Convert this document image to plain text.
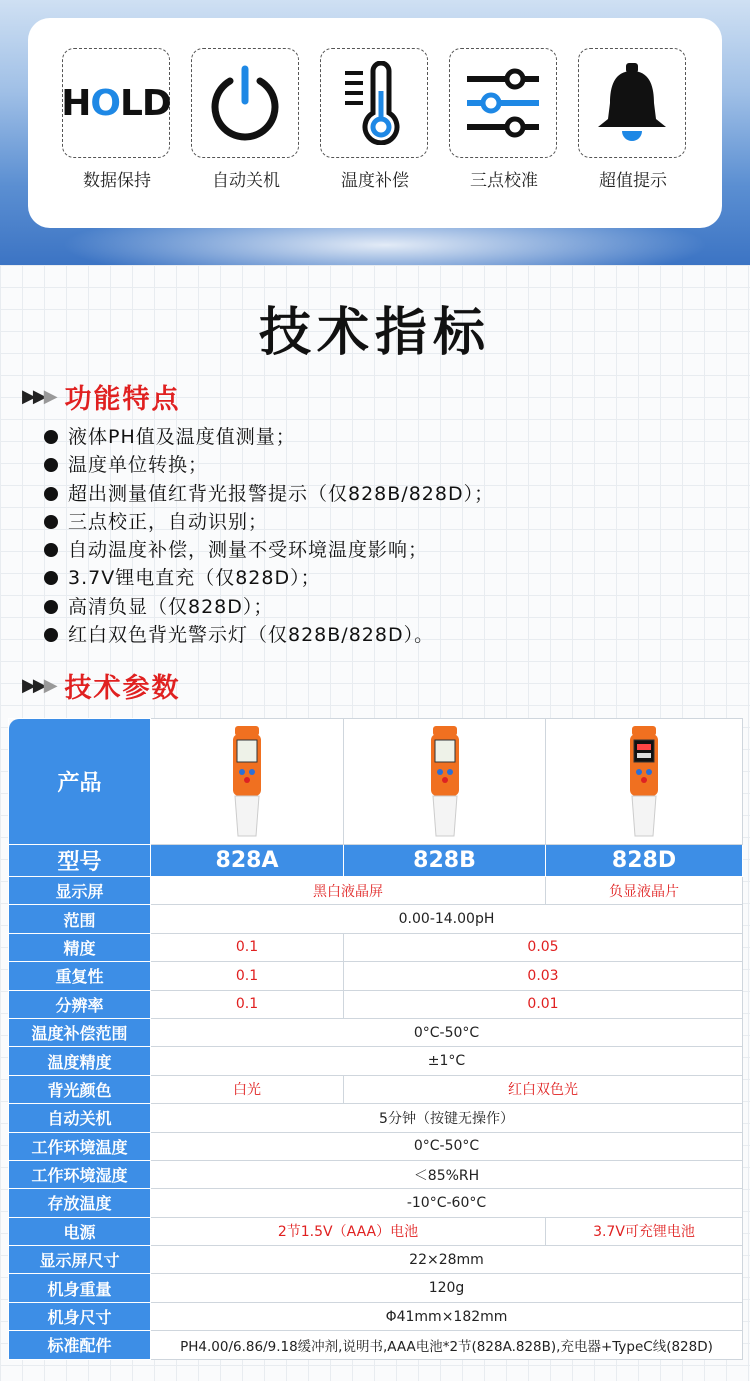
HOLD
数据保持	自动关机	温度补偿	三点校准	超值提示
技术指标
▶▶▶ 功能特点
液体PH值及温度值测量；
温度单位转换；
超出测量值红背光报警提示（仅828B/828D）；
三点校正，自动识别；
自动温度补偿，测量不受环境温度影响；
3.7V锂电直充（仅828D）；
高清负显（仅828D）；
红白双色背光警示灯（仅828B/828D）。
▶▶▶ 技术参数
产品			
型号	828A	828B	828D
显示屏	黑白液晶屏		负显液晶片
范围	0.00-14.00pH		
精度	0.1	0.05	
重复性	0.1	0.03	
分辨率	0.1	0.01	
温度补偿范围	0°C-50°C		
温度精度	±1°C		
背光颜色	白光	红白双色光	
自动关机	5分钟（按键无操作）		
工作环境温度	0°C-50°C		
工作环境湿度	＜85%RH		
存放温度	-10°C-60°C		
电源	2节1.5V（AAA）电池		3.7V可充锂电池
显示屏尺寸	22×28mm		
机身重量	120g		
机身尺寸	Φ41mm×182mm		
标准配件	PH4.00/6.86/9.18缓冲剂,说明书,AAA电池*2节(828A.828B),充电器+TypeC线(828D)		
